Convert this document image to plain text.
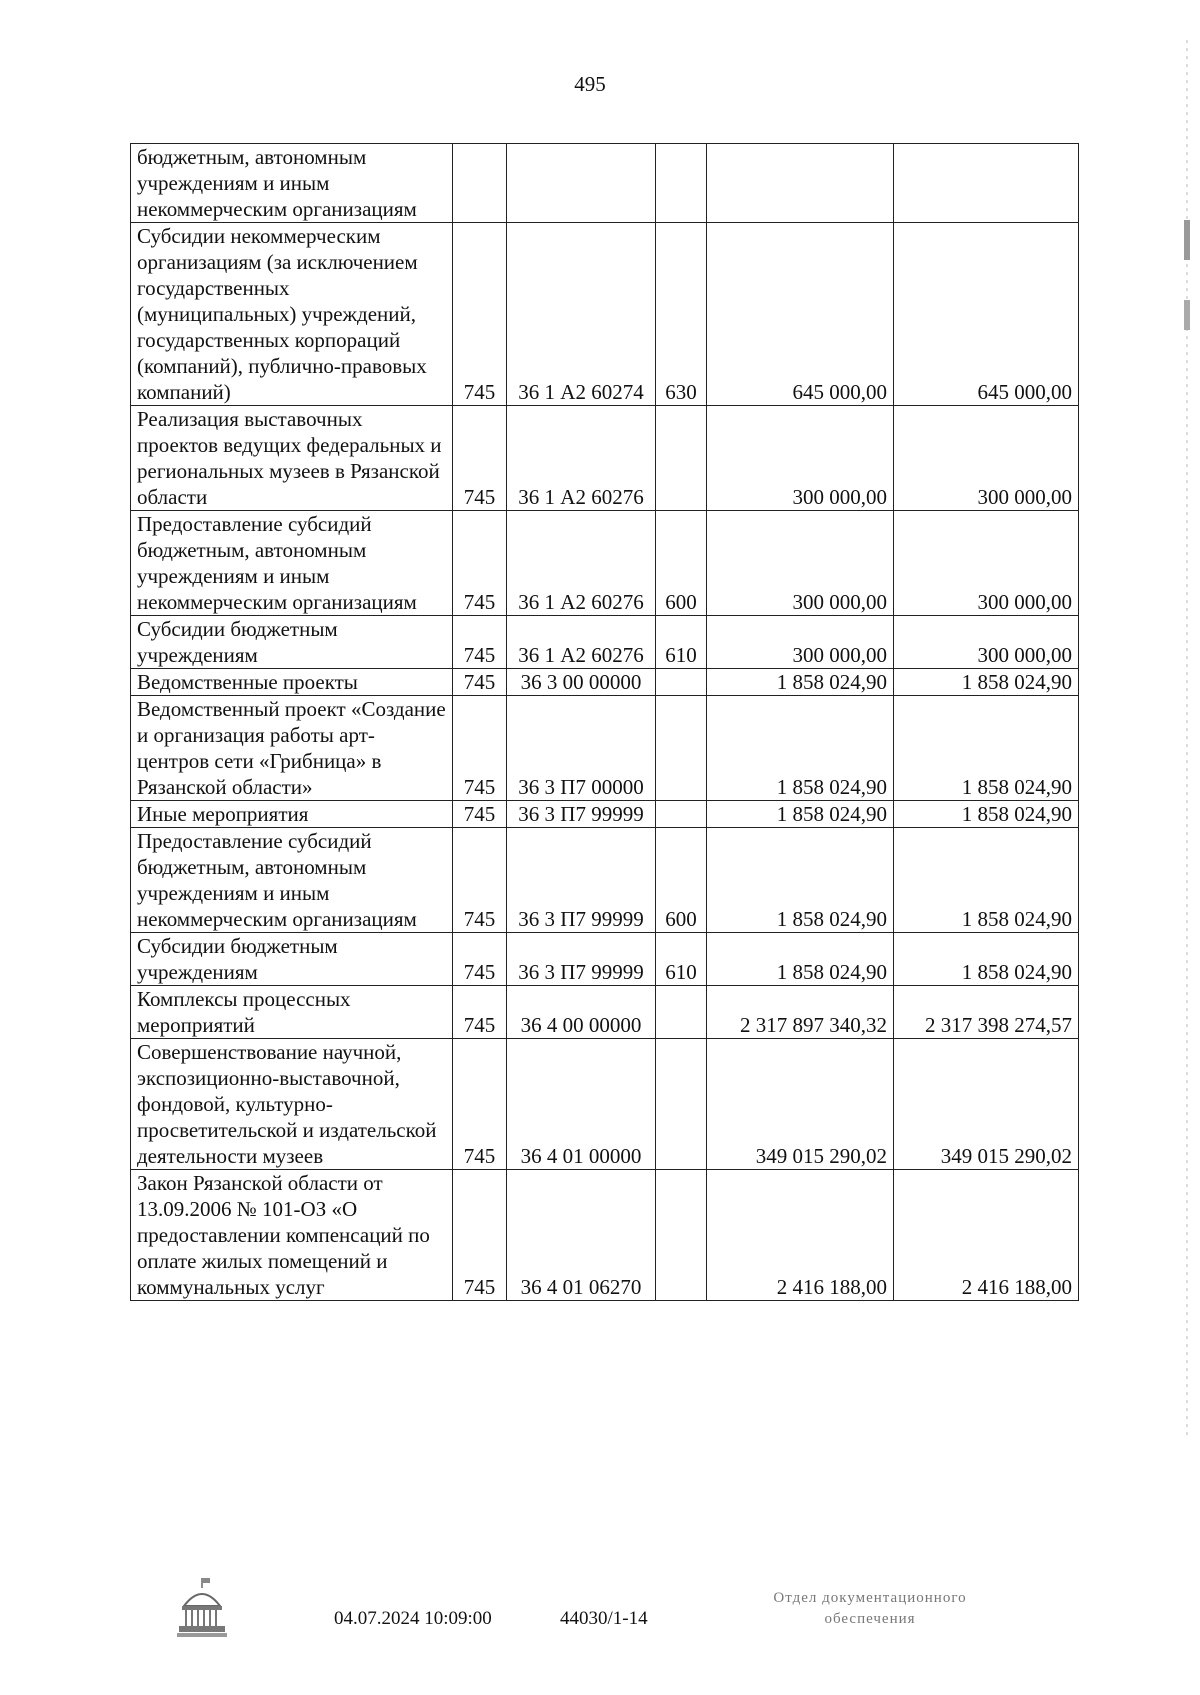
495
бюджетным, автономным учреждениям и иным некоммерческим организациям					
Субсидии некоммерческим организациям (за исключением государственных (муниципальных) учреждений, государственных корпораций (компаний), публично-правовых компаний)	745	36 1 А2 60274	630	645 000,00	645 000,00
Реализация выставочных проектов ведущих федеральных и региональных музеев в Рязанской области	745	36 1 А2 60276		300 000,00	300 000,00
Предоставление субсидий бюджетным, автономным учреждениям и иным некоммерческим организациям	745	36 1 А2 60276	600	300 000,00	300 000,00
Субсидии бюджетным учреждениям	745	36 1 А2 60276	610	300 000,00	300 000,00
Ведомственные проекты	745	36 3 00 00000		1 858 024,90	1 858 024,90
Ведомственный проект «Создание и организация работы арт-центров сети «Грибница» в Рязанской области»	745	36 3 П7 00000		1 858 024,90	1 858 024,90
Иные мероприятия	745	36 3 П7 99999		1 858 024,90	1 858 024,90
Предоставление субсидий бюджетным, автономным учреждениям и иным некоммерческим организациям	745	36 3 П7 99999	600	1 858 024,90	1 858 024,90
Субсидии бюджетным учреждениям	745	36 3 П7 99999	610	1 858 024,90	1 858 024,90
Комплексы процессных мероприятий	745	36 4 00 00000		2 317 897 340,32	2 317 398 274,57
Совершенствование научной, экспозиционно-выставочной, фондовой, культурно-просветительской и издательской деятельности музеев	745	36 4 01 00000		349 015 290,02	349 015 290,02
Закон Рязанской области от 13.09.2006 № 101-ОЗ «О предоставлении компенсаций по оплате жилых помещений и коммунальных услуг	745	36 4 01 06270		2 416 188,00	2 416 188,00
04.07.2024 10:09:00	44030/1-14
Отдел документационного
обеспечения
